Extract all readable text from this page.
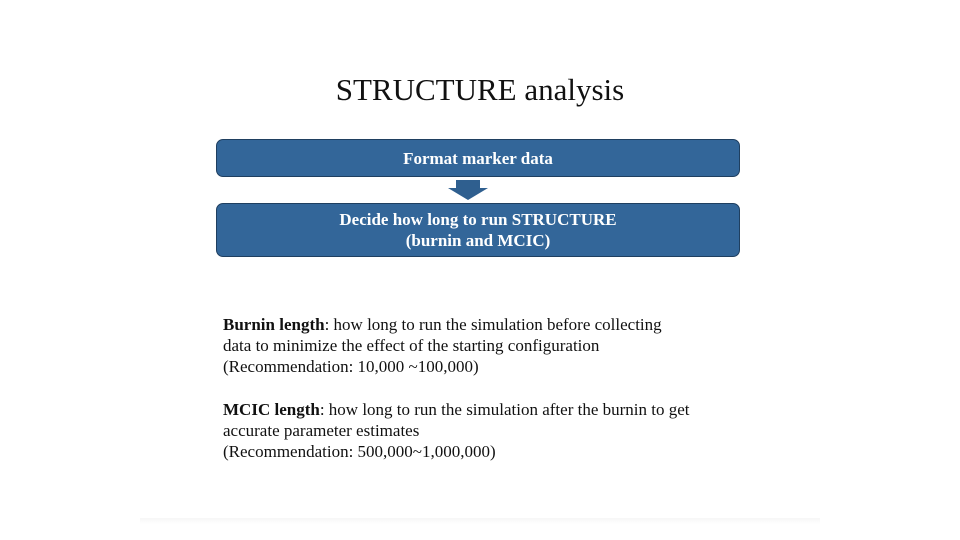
STRUCTURE analysis
Format marker data
Decide how long to run STRUCTURE
(burnin and MCIC)
Burnin length: how long to run the simulation before collecting
data to minimize the effect of the starting configuration
(Recommendation: 10,000 ~100,000)
MCIC length: how long to run the simulation after the burnin to get
accurate parameter estimates
(Recommendation: 500,000~1,000,000)
